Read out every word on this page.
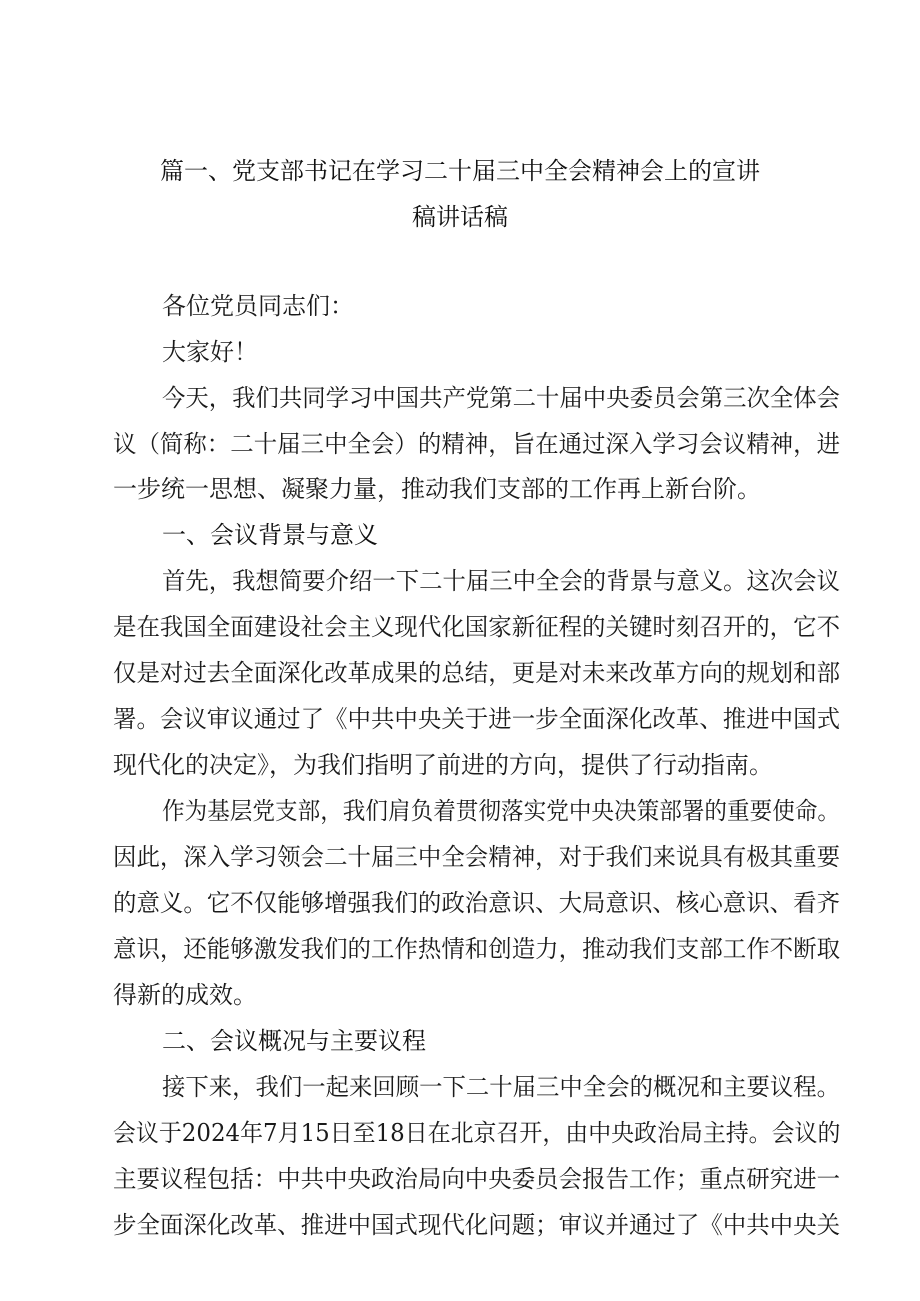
篇一、党支部书记在学习二十届三中全会精神会上的宣讲
稿讲话稿
各位党员同志们：
大家好！
今天，我们共同学习中国共产党第二十届中央委员会第三次全体会
议（简称：二十届三中全会）的精神，旨在通过深入学习会议精神，进
一步统一思想、凝聚力量，推动我们支部的工作再上新台阶。
一、会议背景与意义
首先，我想简要介绍一下二十届三中全会的背景与意义。这次会议
是在我国全面建设社会主义现代化国家新征程的关键时刻召开的，它不
仅是对过去全面深化改革成果的总结，更是对未来改革方向的规划和部
署。会议审议通过了《中共中央关于进一步全面深化改革、推进中国式
现代化的决定》，为我们指明了前进的方向，提供了行动指南。
作为基层党支部，我们肩负着贯彻落实党中央决策部署的重要使命。
因此，深入学习领会二十届三中全会精神，对于我们来说具有极其重要
的意义。它不仅能够增强我们的政治意识、大局意识、核心意识、看齐
意识，还能够激发我们的工作热情和创造力，推动我们支部工作不断取
得新的成效。
二、会议概况与主要议程
接下来，我们一起来回顾一下二十届三中全会的概况和主要议程。
会议于2024年7月15日至18日在北京召开，由中央政治局主持。会议的
主要议程包括：中共中央政治局向中央委员会报告工作；重点研究进一
步全面深化改革、推进中国式现代化问题；审议并通过了《中共中央关
